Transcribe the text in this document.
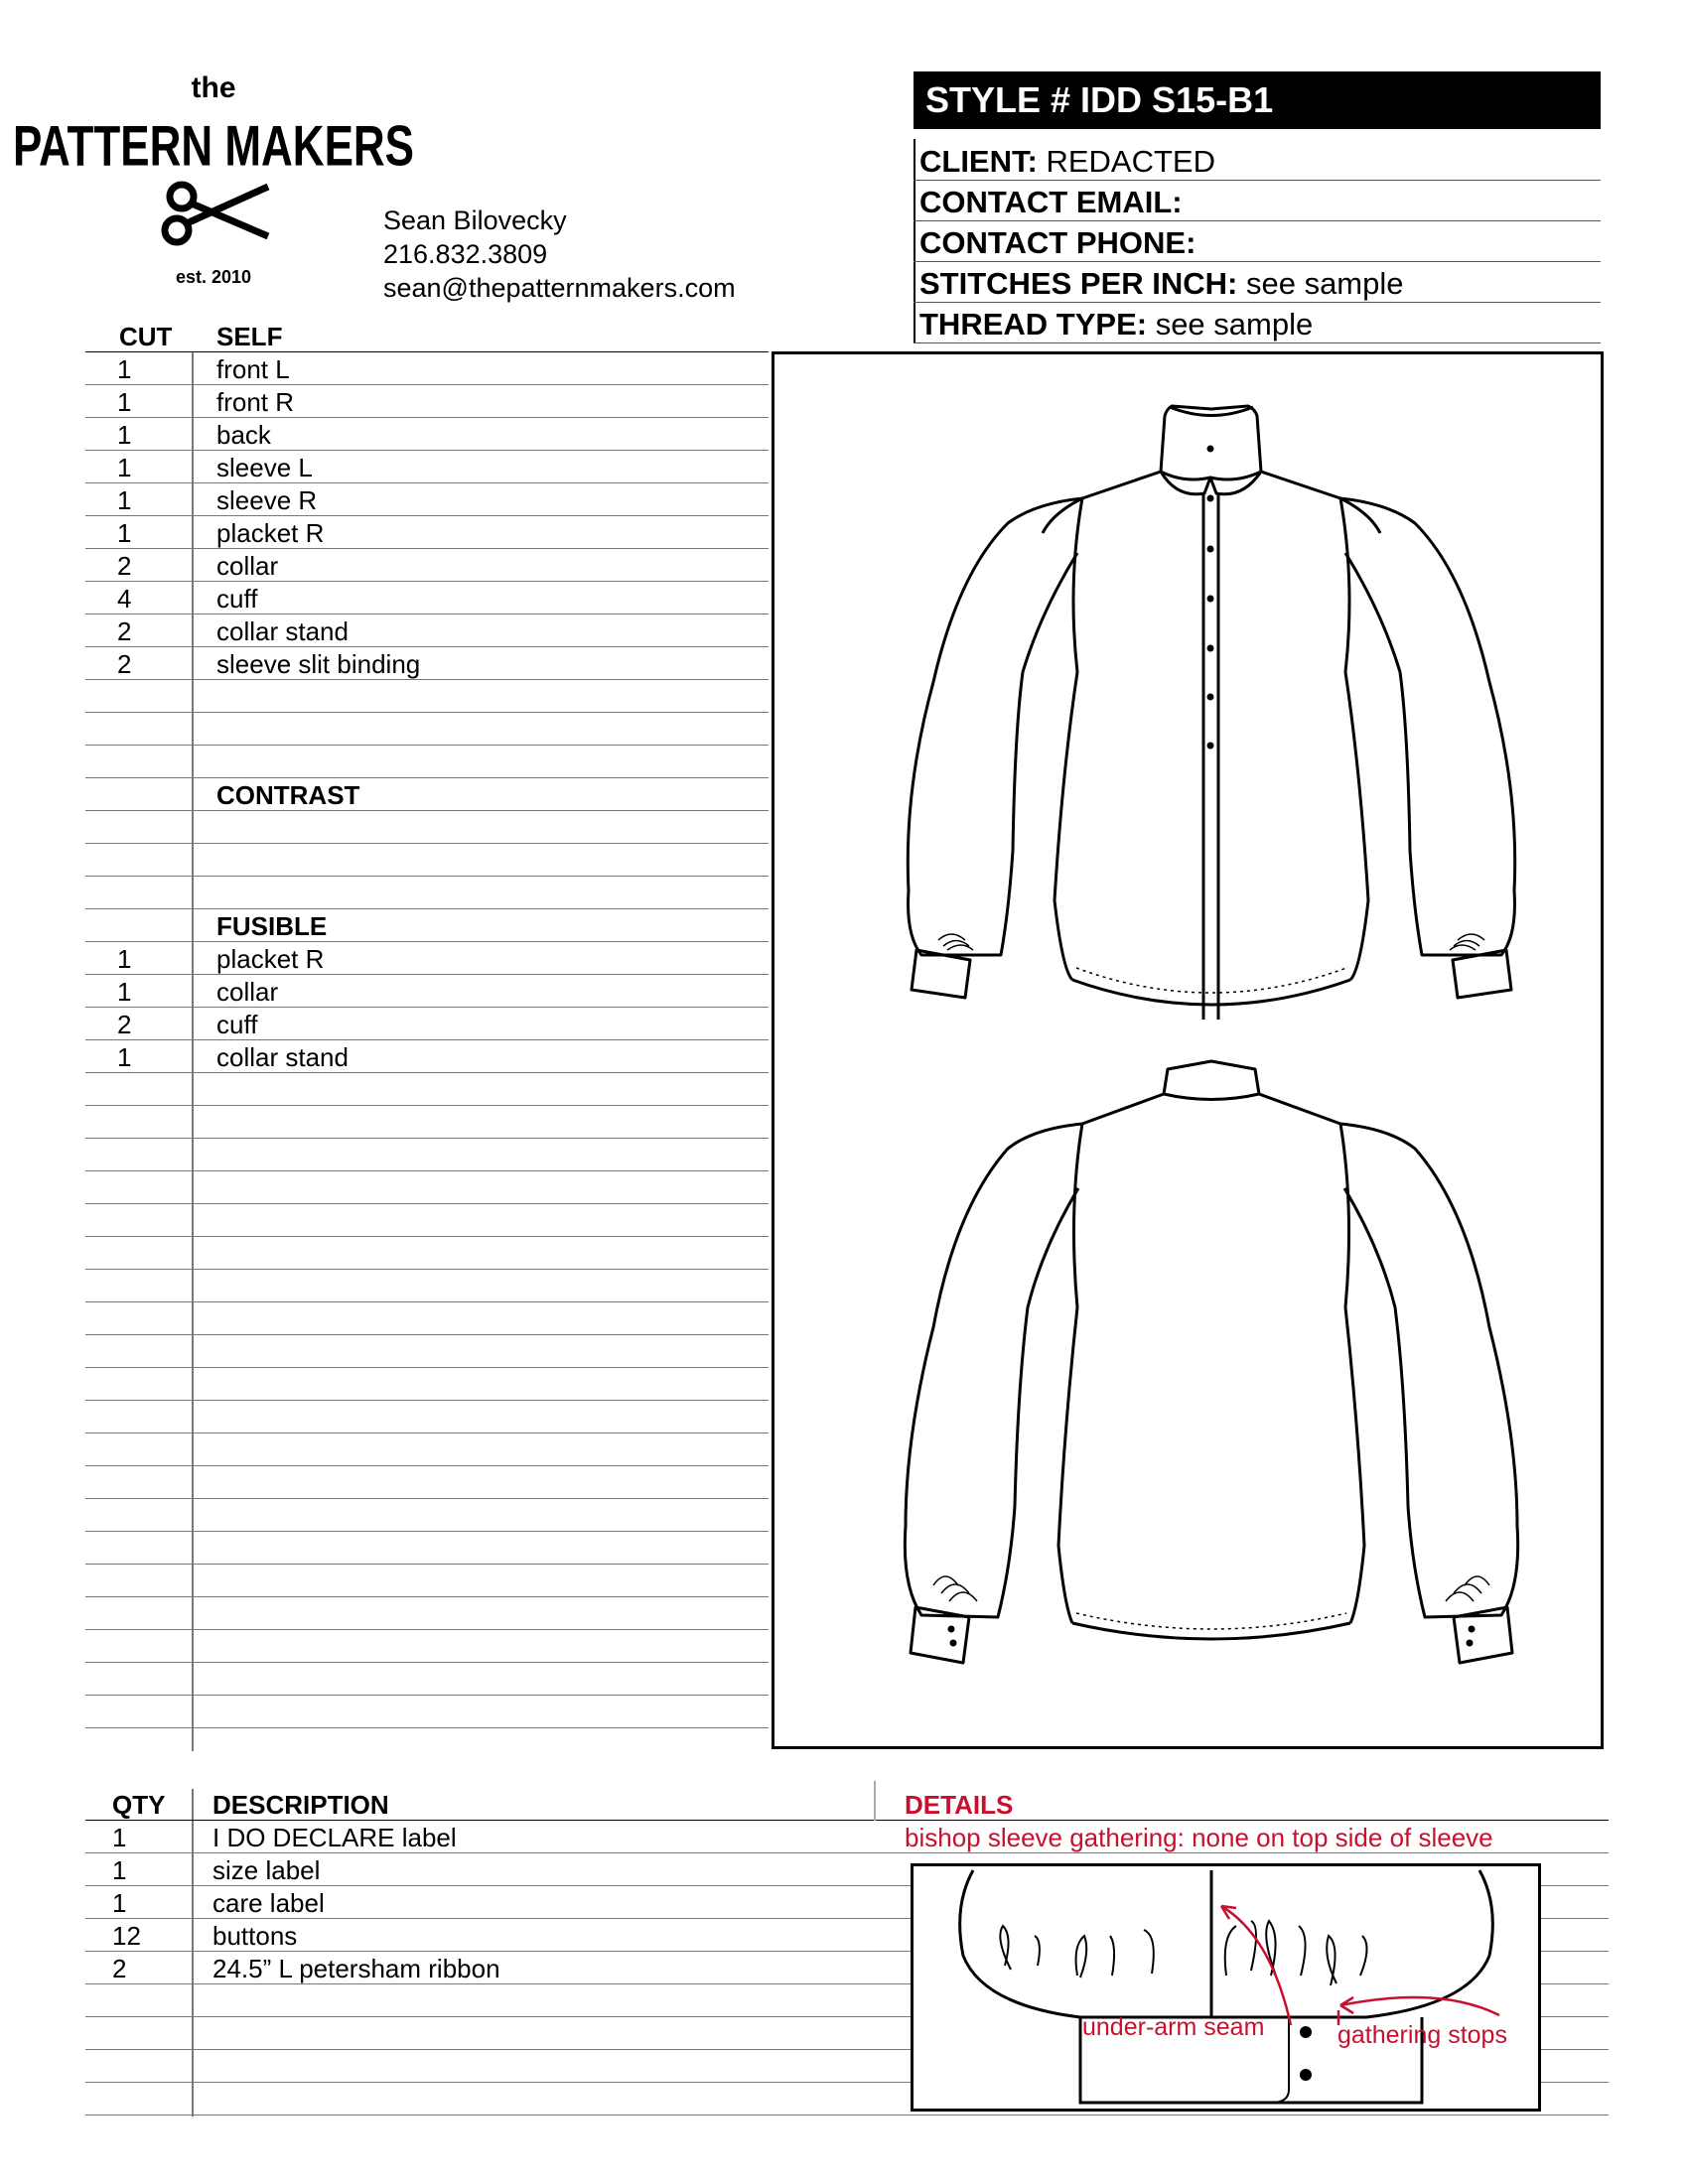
the
PATTERN MAKERS
est. 2010
Sean Bilovecky
216.832.3809
sean@thepatternmakers.com
STYLE # IDD S15-B1
CLIENT: REDACTED
CONTACT EMAIL:
CONTACT PHONE:
STITCHES PER INCH: see sample
THREAD TYPE: see sample
CUT SELF
1	front L
1	front R
1	back
1	sleeve L
1	sleeve R
1	placket R
2	collar
4	cuff
2	collar stand
2	sleeve slit binding
CONTRAST
FUSIBLE
1	placket R
1	collar
2	cuff
1	collar stand
QTY DESCRIPTION	DETAILS
1	I DO DECLARE label	bishop sleeve gathering: none on top side of sleeve
1	size label
1	care label
12	buttons
2	24.5” L petersham ribbon
under-arm seam	gathering stops
